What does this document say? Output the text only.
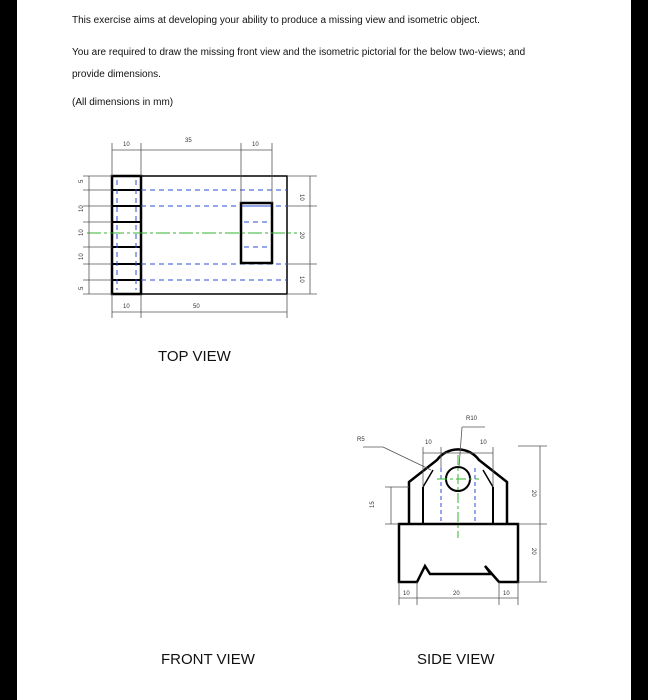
This exercise aims at developing your ability to produce a missing view and isometric object.
You are required to draw the missing front view and the isometric pictorial for the below two-views; and
provide dimensions.
(All dimensions in mm)
10
35
10
10
20
10
10	50
5
10
10
10
5
R5
R10
10	10
15
20
20
10	20	10
TOP VIEW
FRONT VIEW	SIDE VIEW
